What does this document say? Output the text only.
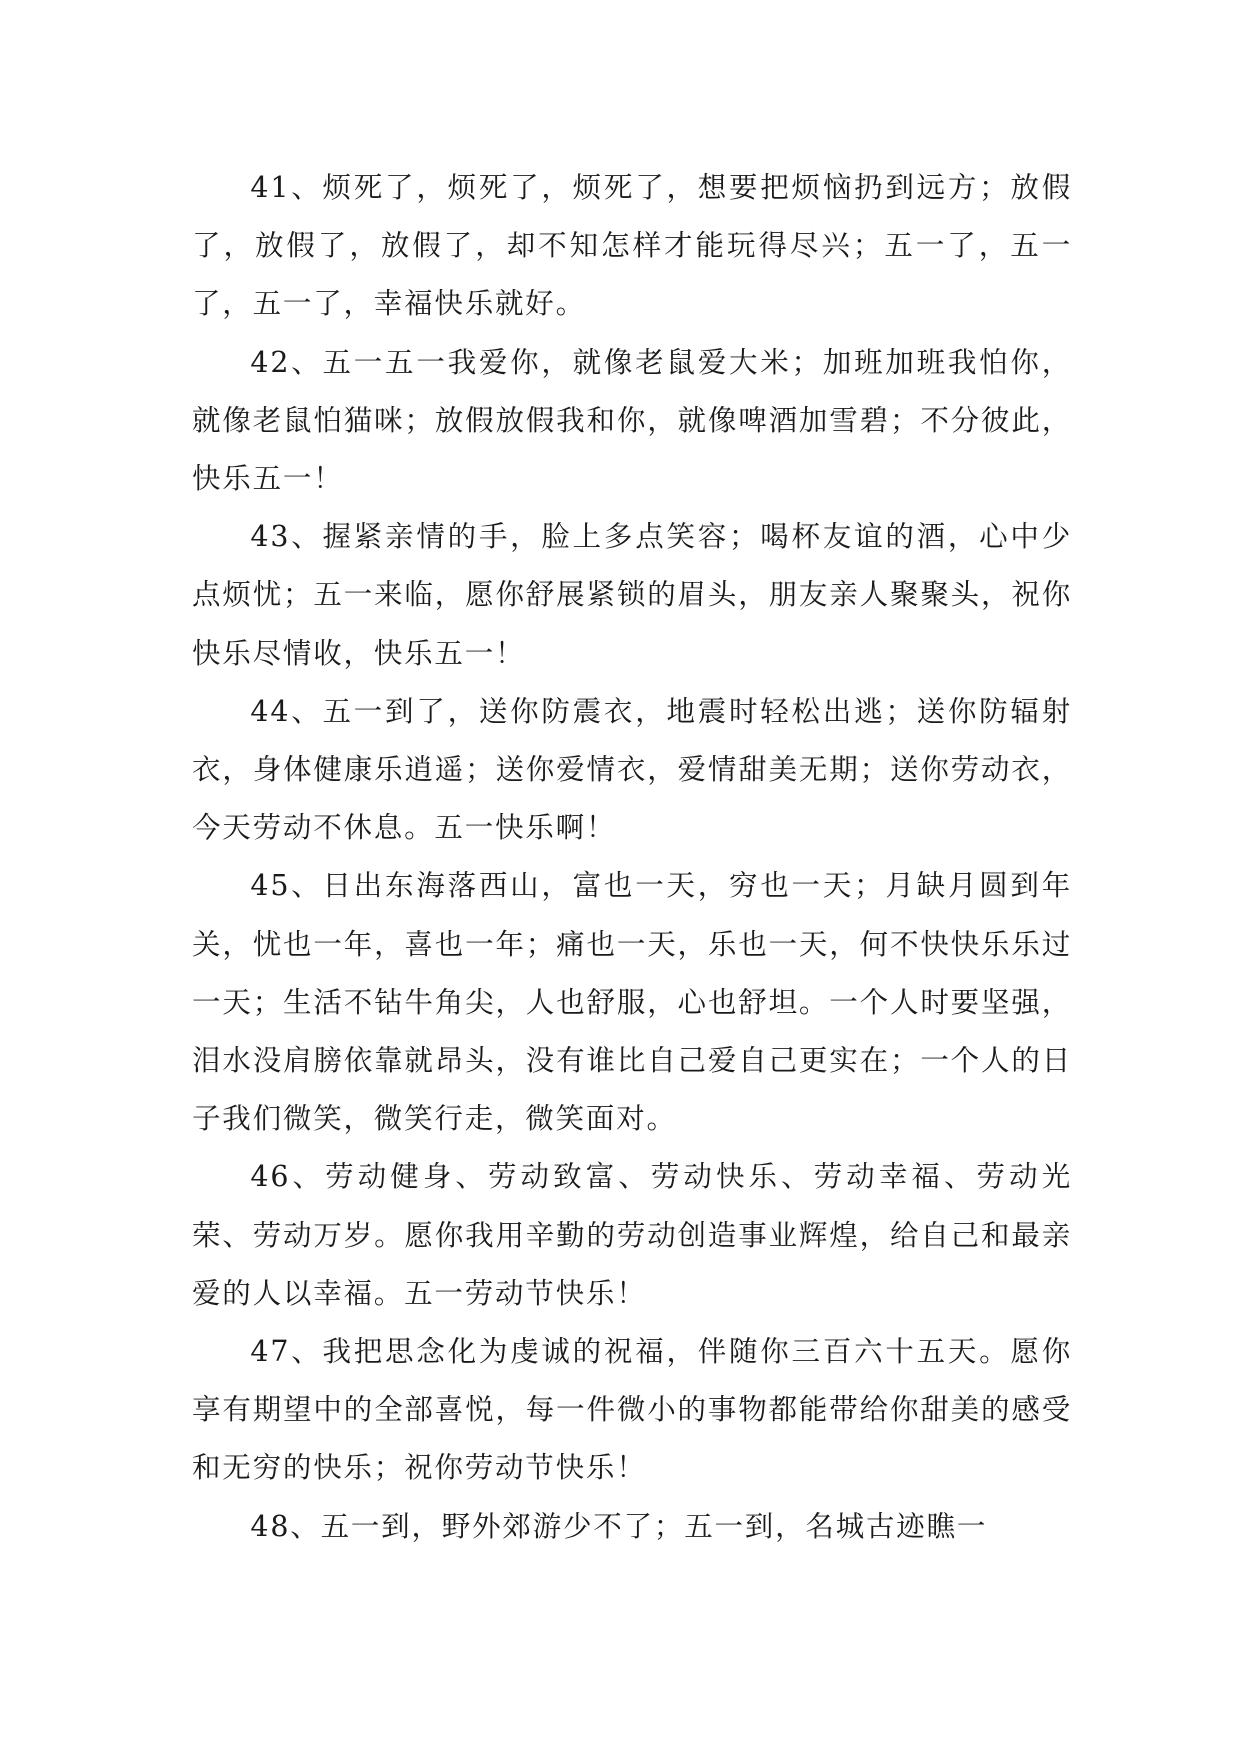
41、烦死了，烦死了，烦死了，想要把烦恼扔到远方；放假了，放假了，放假了，却不知怎样才能玩得尽兴；五一了，五一了，五一了，幸福快乐就好。

42、五一五一我爱你，就像老鼠爱大米；加班加班我怕你，就像老鼠怕猫咪；放假放假我和你，就像啤酒加雪碧；不分彼此，快乐五一！

43、握紧亲情的手，脸上多点笑容；喝杯友谊的酒，心中少点烦忧；五一来临，愿你舒展紧锁的眉头，朋友亲人聚聚头，祝你快乐尽情收，快乐五一！

44、五一到了，送你防震衣，地震时轻松出逃；送你防辐射衣，身体健康乐逍遥；送你爱情衣，爱情甜美无期；送你劳动衣，今天劳动不休息。五一快乐啊！

45、日出东海落西山，富也一天，穷也一天；月缺月圆到年关，忧也一年，喜也一年；痛也一天，乐也一天，何不快快乐乐过一天；生活不钻牛角尖，人也舒服，心也舒坦。一个人时要坚强，泪水没肩膀依靠就昂头，没有谁比自己爱自己更实在；一个人的日子我们微笑，微笑行走，微笑面对。

46、劳动健身、劳动致富、劳动快乐、劳动幸福、劳动光荣、劳动万岁。愿你我用辛勤的劳动创造事业辉煌，给自己和最亲爱的人以幸福。五一劳动节快乐！

47、我把思念化为虔诚的祝福，伴随你三百六十五天。愿你享有期望中的全部喜悦，每一件微小的事物都能带给你甜美的感受和无穷的快乐；祝你劳动节快乐！

48、五一到，野外郊游少不了；五一到，名城古迹瞧一
